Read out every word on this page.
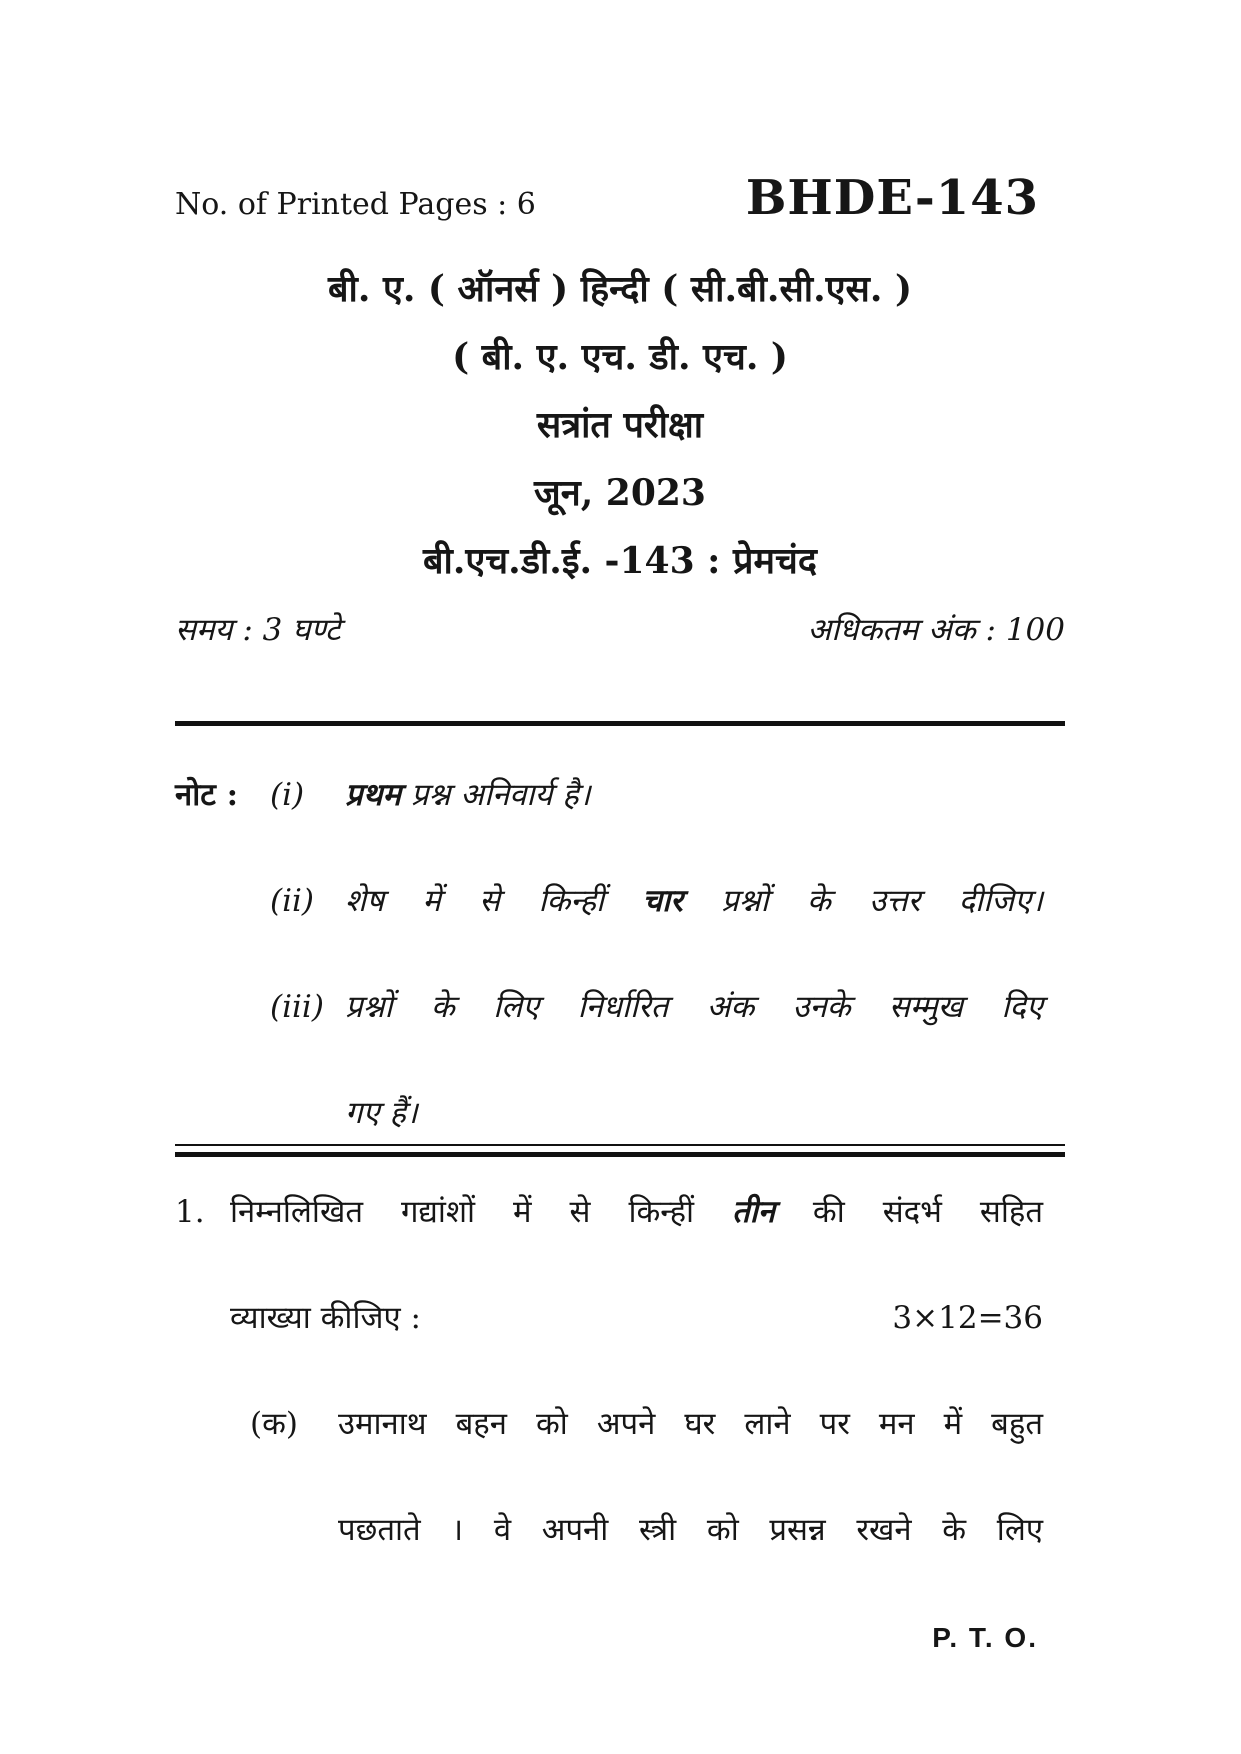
No. of Printed Pages : 6	BHDE-143
बी. ए. ( ऑनर्स ) हिन्दी ( सी.बी.सी.एस. )
( बी. ए. एच. डी. एच. )
सत्रांत परीक्षा
जून, 2023
बी.एच.डी.ई. -143 : प्रेमचंद
समय : 3 घण्टे	अधिकतम अंक : 100
नोट :	(i)	प्रथम प्रश्न अनिवार्य है।
(ii) शेष में से किन्हीं चार प्रश्नों के उत्तर दीजिए।
(iii) प्रश्नों के लिए निर्धारित अंक उनके सम्मुख दिए
गए हैं।
1. निम्नलिखित गद्यांशों में से किन्हीं तीन की संदर्भ सहित
व्याख्या कीजिए :	3×12=36
(क)	उमानाथ बहन को अपने घर लाने पर मन में बहुत
पछताते । वे अपनी स्त्री को प्रसन्न रखने के लिए
P. T. O.
